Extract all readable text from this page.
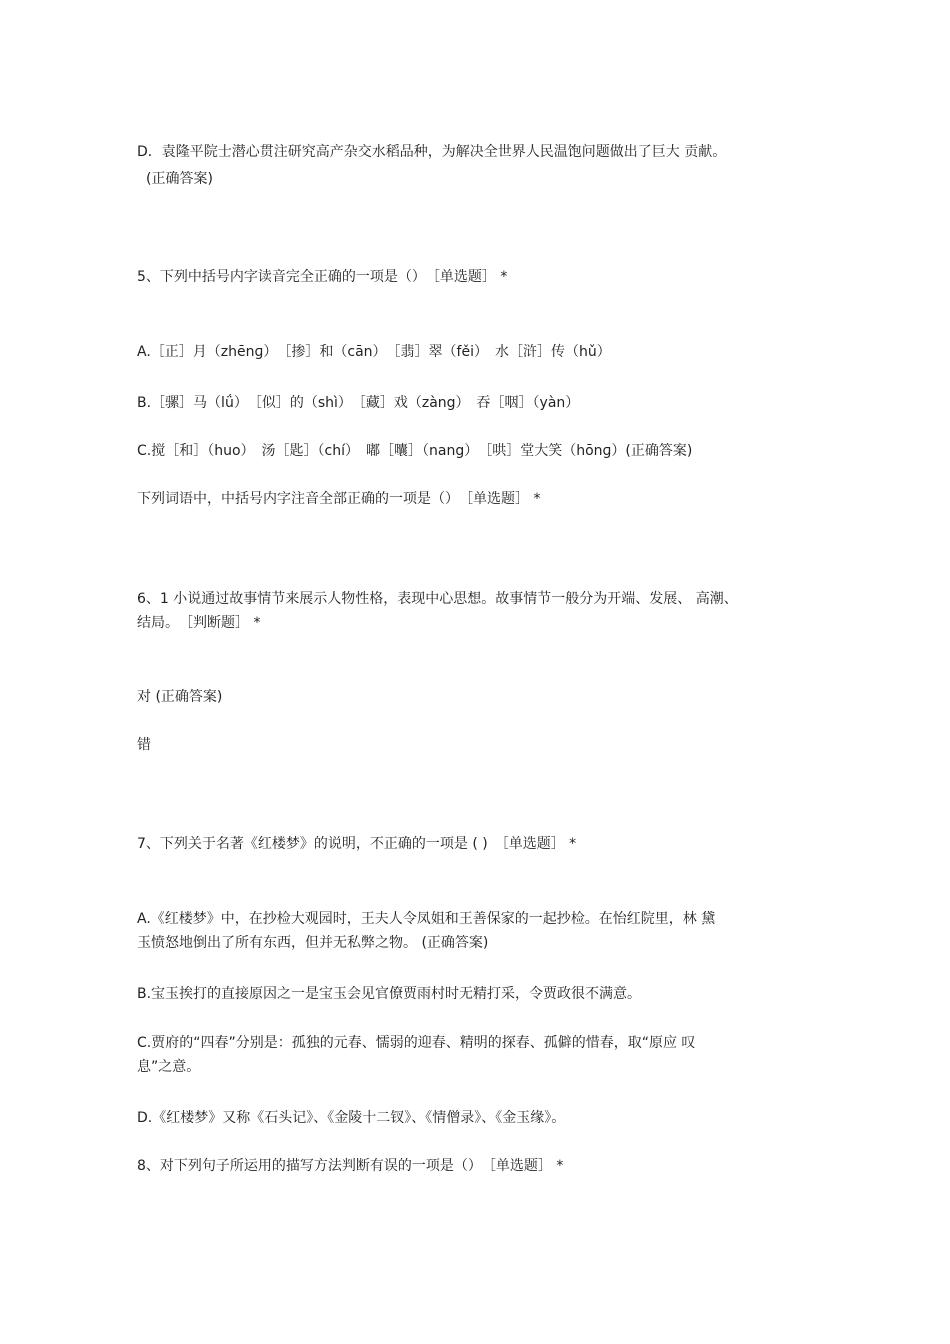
D．袁隆平院士潜心贯注研究高产杂交水稻品种，为解决全世界人民温饱问题做出了巨大 贡献。
(正确答案)
5、下列中括号内字读音完全正确的一项是（）　［单选题］ *
A.［正］月（zhēnɡ）　［掺］和（cān）　［翡］翠（fěi）　水［浒］传（hǔ）
B.［骡］马（lǘ）　［似］的（shì）　［藏］戏（zàng）　吞［咽］（yàn）
C.搅［和］（huo）　汤［匙］（chí）　嘟［囔］（nang）　［哄］堂大笑（hōnɡ）(正确答案)
下列词语中，中括号内字注音全部正确的一项是（）　［单选题］ *
6、1 小说通过故事情节来展示人物性格，表现中心思想。故事情节一般分为开端、发展、 高潮、
结局。　［判断题］ *
对 (正确答案)
错
7、下列关于名著《红楼梦》的说明，不正确的一项是 ( )　［单选题］ *
A.《红楼梦》中，在抄检大观园时，王夫人令凤姐和王善保家的一起抄检。在怡红院里，林 黛
玉愤怒地倒出了所有东西，但并无私弊之物。 (正确答案)
B.宝玉挨打的直接原因之一是宝玉会见官僚贾雨村时无精打采，令贾政很不满意。
C.贾府的“四春”分别是：孤独的元春、懦弱的迎春、精明的探春、孤僻的惜春，取“原应 叹
息”之意。
D.《红楼梦》又称《石头记》、《金陵十二钗》、《情僧录》、《金玉缘》。
8、对下列句子所运用的描写方法判断有误的一项是（）　［单选题］ *
